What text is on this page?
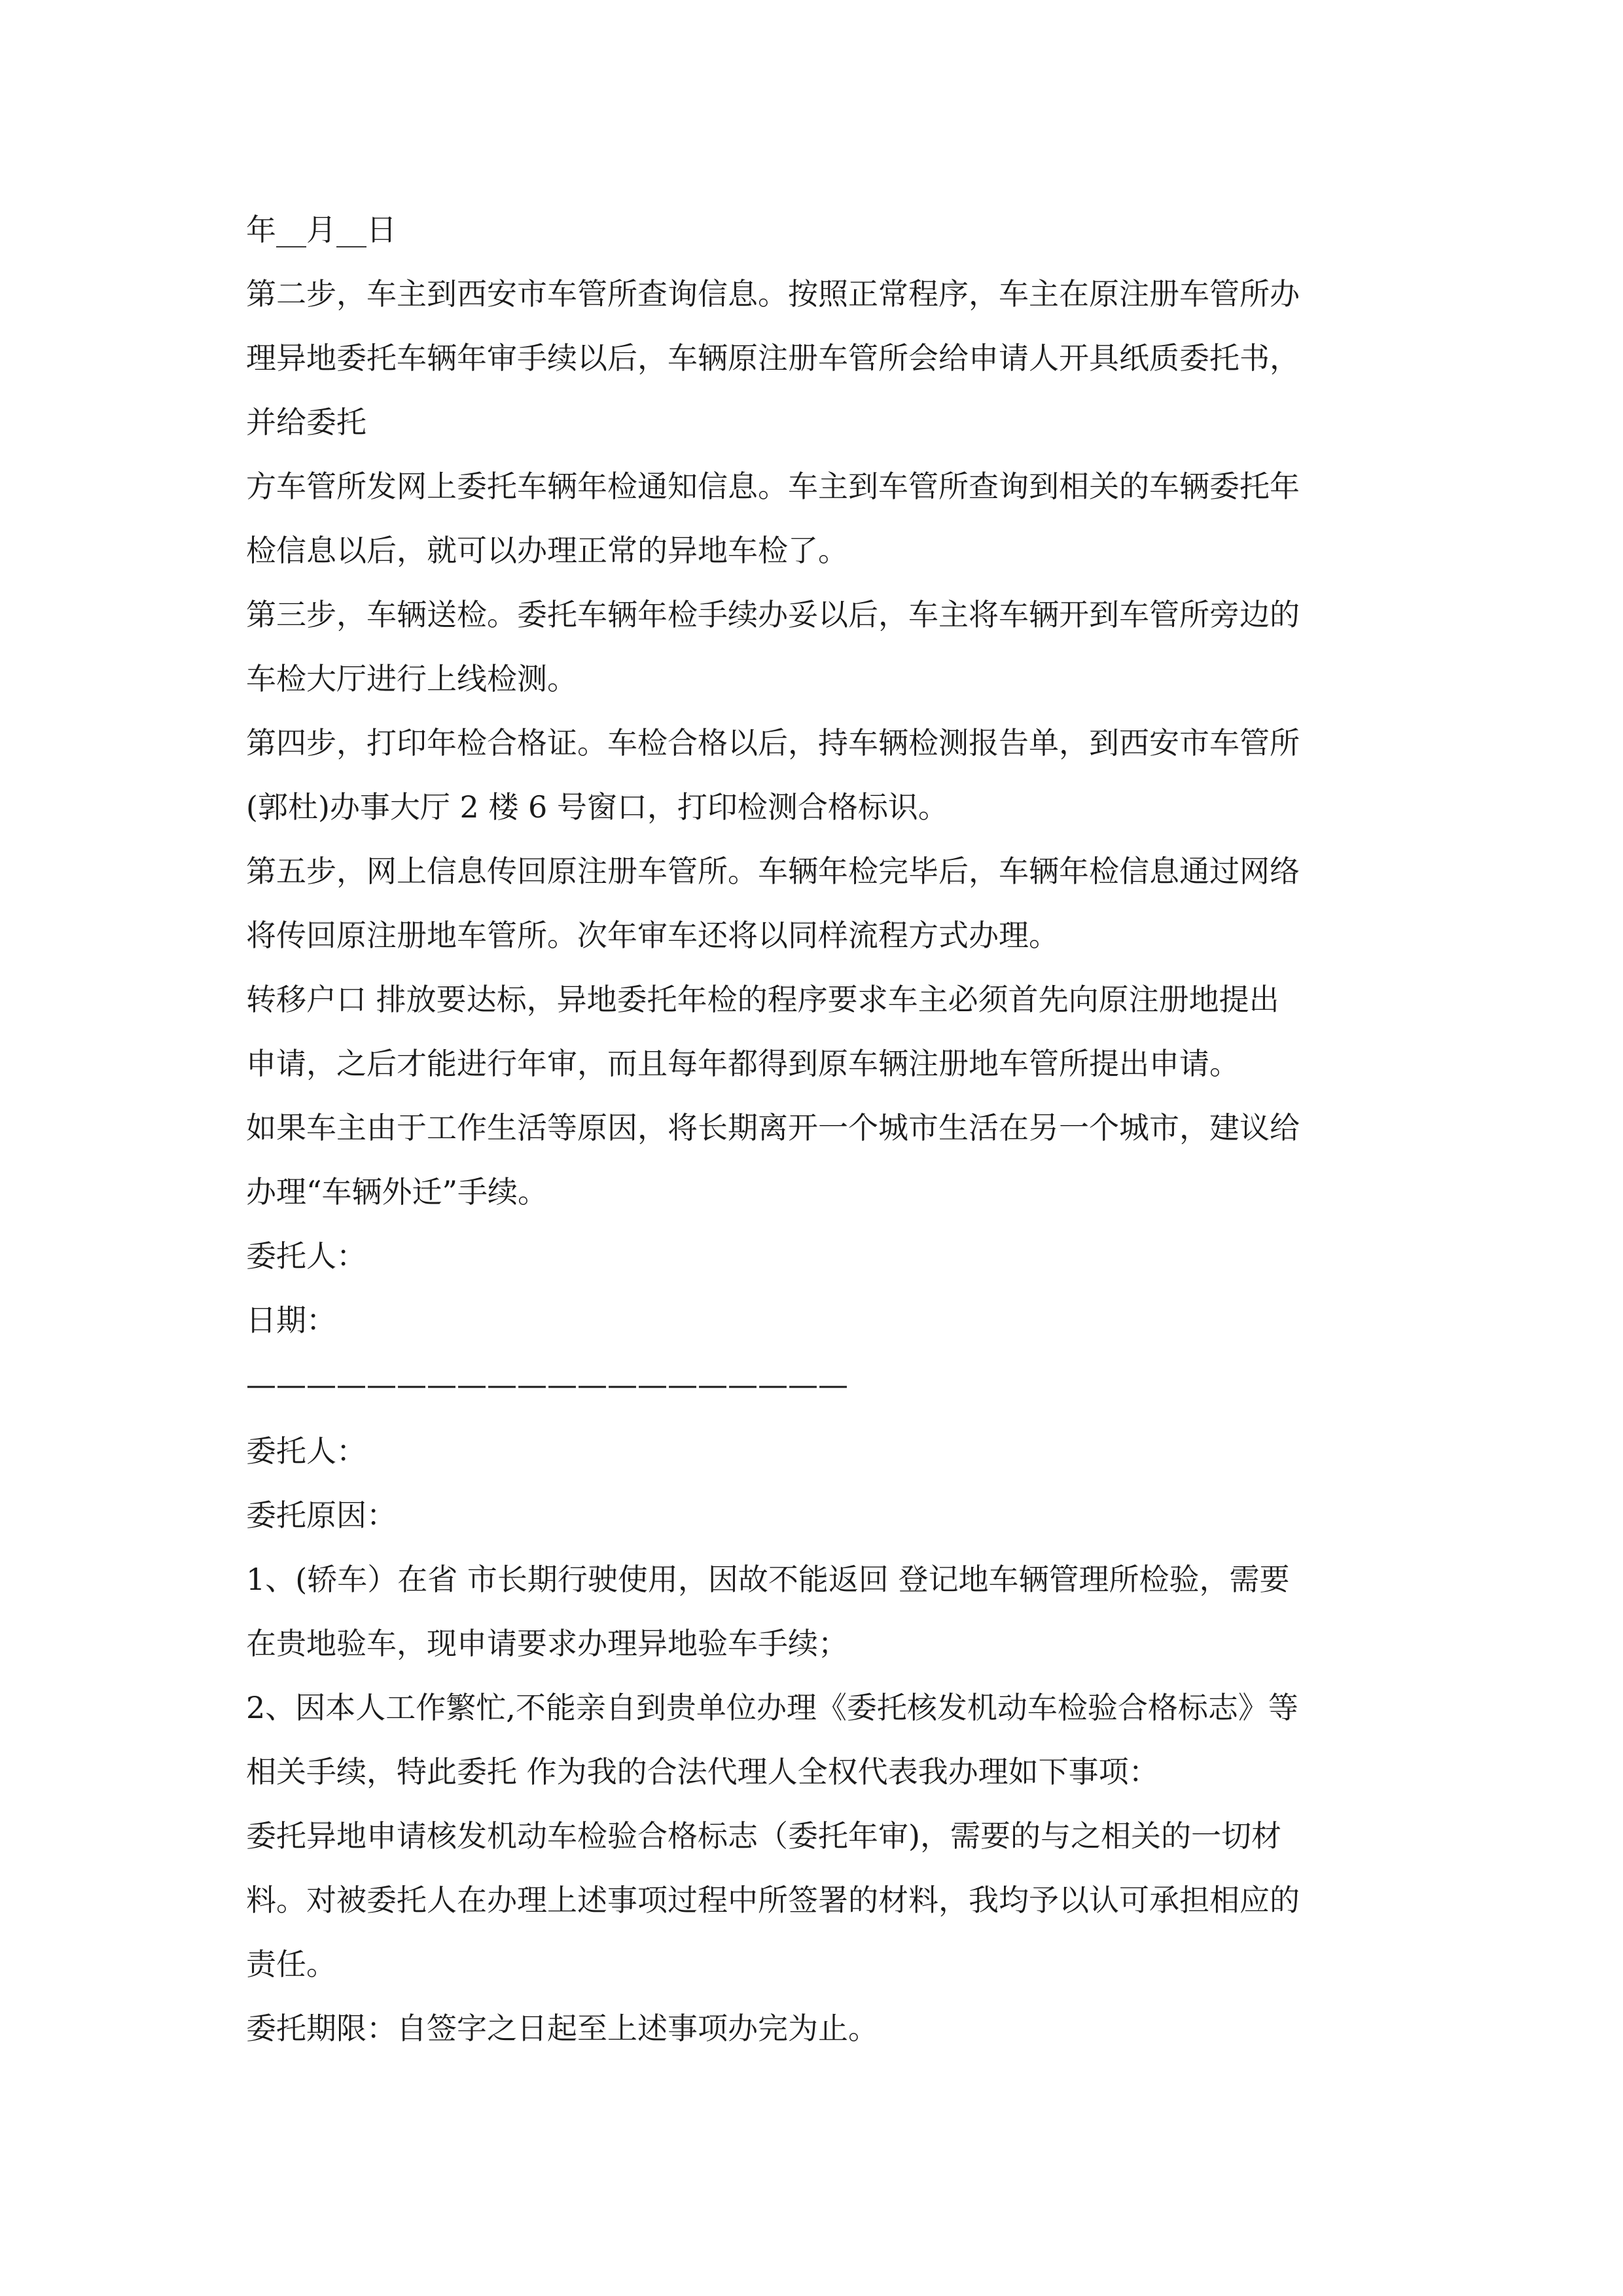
年__月__日
第二步，车主到西安市车管所查询信息。按照正常程序，车主在原注册车管所办
理异地委托车辆年审手续以后，车辆原注册车管所会给申请人开具纸质委托书，
并给委托
方车管所发网上委托车辆年检通知信息。车主到车管所查询到相关的车辆委托年
检信息以后，就可以办理正常的异地车检了。
第三步，车辆送检。委托车辆年检手续办妥以后，车主将车辆开到车管所旁边的
车检大厅进行上线检测。
第四步，打印年检合格证。车检合格以后，持车辆检测报告单，到西安市车管所
(郭杜)办事大厅 2 楼 6 号窗口，打印检测合格标识。
第五步，网上信息传回原注册车管所。车辆年检完毕后，车辆年检信息通过网络
将传回原注册地车管所。次年审车还将以同样流程方式办理。
转移户口 排放要达标，异地委托年检的程序要求车主必须首先向原注册地提出
申请，之后才能进行年审，而且每年都得到原车辆注册地车管所提出申请。
如果车主由于工作生活等原因，将长期离开一个城市生活在另一个城市，建议给
办理“车辆外迁”手续。
委托人：
日期：
————————————————————
委托人：
委托原因：
1、(轿车）在省 市长期行驶使用，因故不能返回 登记地车辆管理所检验，需要
在贵地验车，现申请要求办理异地验车手续；
2、因本人工作繁忙,不能亲自到贵单位办理《委托核发机动车检验合格标志》等
相关手续，特此委托 作为我的合法代理人全权代表我办理如下事项：
委托异地申请核发机动车检验合格标志（委托年审)，需要的与之相关的一切材
料。对被委托人在办理上述事项过程中所签署的材料，我均予以认可承担相应的
责任。
委托期限：自签字之日起至上述事项办完为止。
